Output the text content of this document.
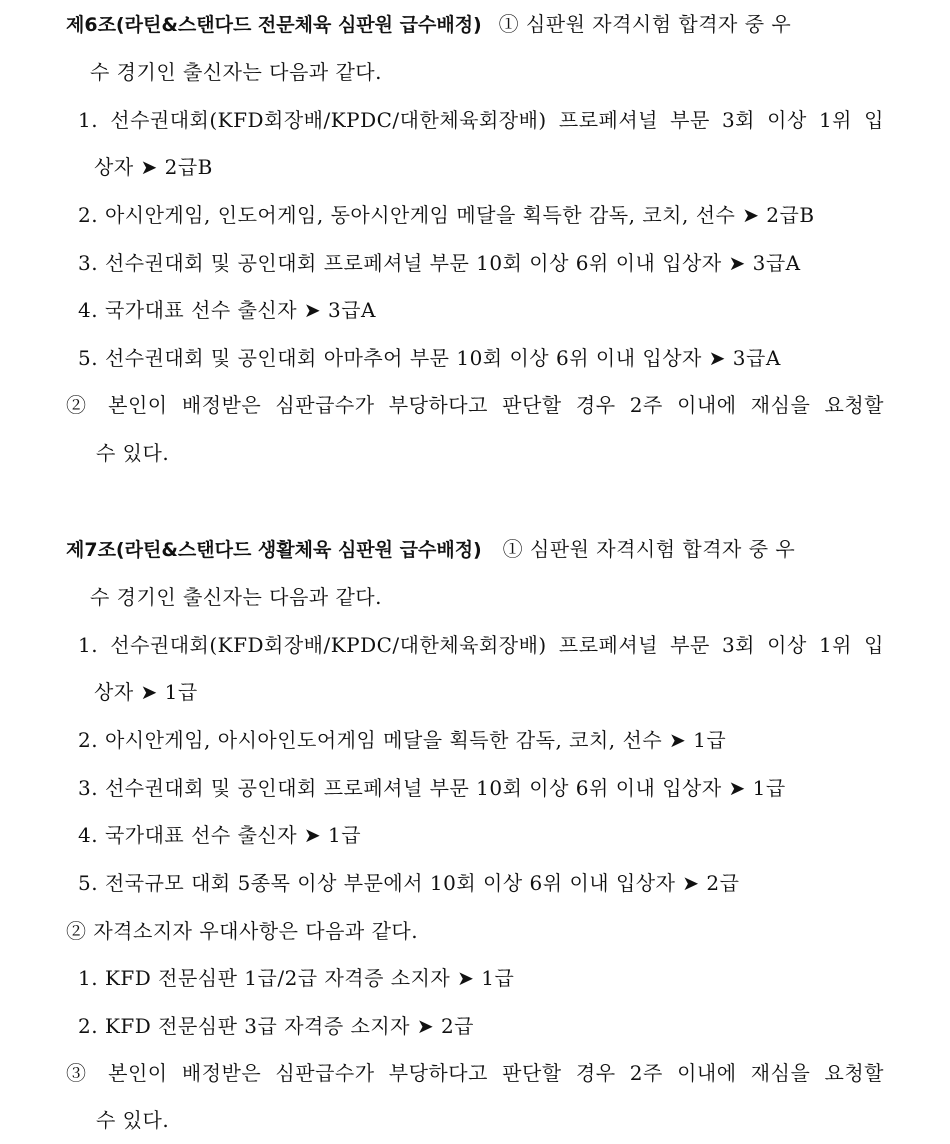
제6조(라틴&스탠다드 전문체육 심판원 급수배정) ① 심판원 자격시험 합격자 중 우
수 경기인 출신자는 다음과 같다.
1. 선수권대회(KFD회장배/KPDC/대한체육회장배) 프로페셔널 부문 3회 이상 1위 입
상자 ➤ 2급B
2. 아시안게임, 인도어게임, 동아시안게임 메달을 획득한 감독, 코치, 선수 ➤ 2급B
3. 선수권대회 및 공인대회 프로페셔널 부문 10회 이상 6위 이내 입상자 ➤ 3급A
4. 국가대표 선수 출신자 ➤ 3급A
5. 선수권대회 및 공인대회 아마추어 부문 10회 이상 6위 이내 입상자 ➤ 3급A
② 본인이 배정받은 심판급수가 부당하다고 판단할 경우 2주 이내에 재심을 요청할
수 있다.
제7조(라틴&스탠다드 생활체육 심판원 급수배정) ① 심판원 자격시험 합격자 중 우
수 경기인 출신자는 다음과 같다.
1. 선수권대회(KFD회장배/KPDC/대한체육회장배) 프로페셔널 부문 3회 이상 1위 입
상자 ➤ 1급
2. 아시안게임, 아시아인도어게임 메달을 획득한 감독, 코치, 선수 ➤ 1급
3. 선수권대회 및 공인대회 프로페셔널 부문 10회 이상 6위 이내 입상자 ➤ 1급
4. 국가대표 선수 출신자 ➤ 1급
5. 전국규모 대회 5종목 이상 부문에서 10회 이상 6위 이내 입상자 ➤ 2급
② 자격소지자 우대사항은 다음과 같다.
1. KFD 전문심판 1급/2급 자격증 소지자 ➤ 1급
2. KFD 전문심판 3급 자격증 소지자 ➤ 2급
③ 본인이 배정받은 심판급수가 부당하다고 판단할 경우 2주 이내에 재심을 요청할
수 있다.
